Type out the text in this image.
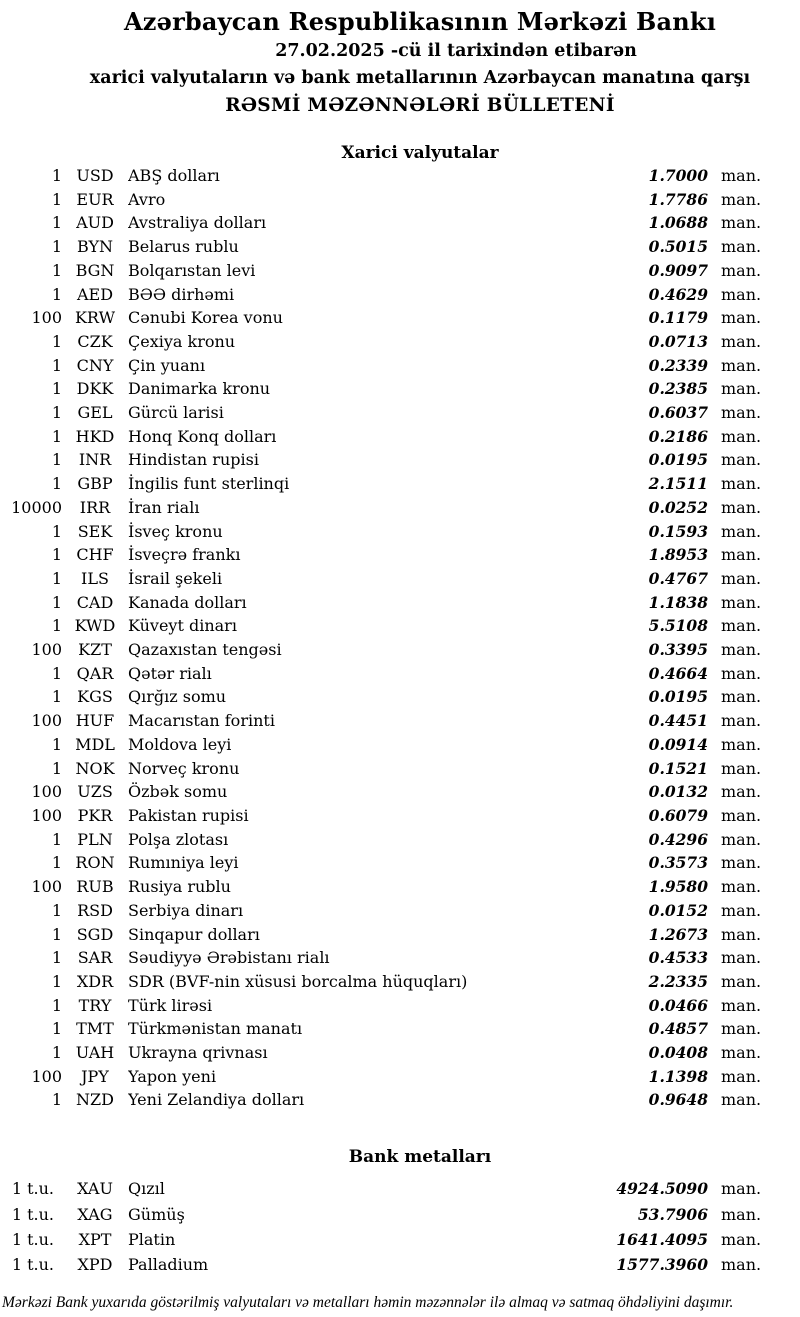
Azərbaycan Respublikasının Mərkəzi Bankı
27.02.2025 -cü il tarixindən etibarən
xarici valyutaların və bank metallarının Azərbaycan manatına qarşı
RƏSMİ MƏZƏNNƏLƏRİ BÜLLETENİ
Xarici valyutalar
1 USD ABŞ dolları	1.7000 man.
1 EUR Avro	1.7786 man.
1 AUD Avstraliya dolları	1.0688 man.
1 BYN Belarus rublu	0.5015 man.
1 BGN Bolqarıstan levi	0.9097 man.
1 AED BƏƏ dirhəmi	0.4629 man.
100 KRW Cənubi Korea vonu	0.1179 man.
1 CZK Çexiya kronu	0.0713 man.
1 CNY Çin yuanı	0.2339 man.
1 DKK Danimarka kronu	0.2385 man.
1 GEL Gürcü larisi	0.6037 man.
1 HKD Honq Konq dolları	0.2186 man.
1	INR	Hindistan rupisi	0.0195 man.
1 GBP İngilis funt sterlinqi	2.1511 man.
10000	IRR	İran rialı	0.0252 man.
1 SEK İsveç kronu	0.1593 man.
1 CHF İsveçrə frankı	1.8953 man.
1	ILS	İsrail şekeli	0.4767 man.
1 CAD Kanada dolları	1.1838 man.
1 KWD Küveyt dinarı	5.5108 man.
100	KZT	Qazaxıstan tengəsi	0.3395 man.
1 QAR Qətər rialı	0.4664 man.
1 KGS Qırğız somu	0.0195 man.
100 HUF Macarıstan forinti	0.4451 man.
1 MDL Moldova leyi	0.0914 man.
1 NOK Norveç kronu	0.1521 man.
100 UZS Özbək somu	0.0132 man.
100 PKR Pakistan rupisi	0.6079 man.
1 PLN Polşa zlotası	0.4296 man.
1 RON Rumıniya leyi	0.3573 man.
100 RUB Rusiya rublu	1.9580 man.
1 RSD Serbiya dinarı	0.0152 man.
1 SGD Sinqapur dolları	1.2673 man.
1 SAR Səudiyyə Ərəbistanı rialı	0.4533 man.
1 XDR SDR (BVF-nin xüsusi borcalma hüquqları)	2.2335 man.
1	TRY	Türk lirəsi	0.0466 man.
1 TMT Türkmənistan manatı	0.4857 man.
1 UAH Ukrayna qrivnası	0.0408 man.
100	JPY	Yapon yeni	1.1398 man.
1 NZD Yeni Zelandiya dolları	0.9648 man.
Bank metalları
1 t.u.	XAU Qızıl	4924.5090 man.
1 t.u.	XAG Gümüş	53.7906 man.
1 t.u.	XPT	Platin	1641.4095 man.
1 t.u.	XPD Palladium	1577.3960 man.
Mərkəzi Bank yuxarıda göstərilmiş valyutaları və metalları həmin məzənnələr ilə almaq və satmaq öhdəliyini daşımır.
